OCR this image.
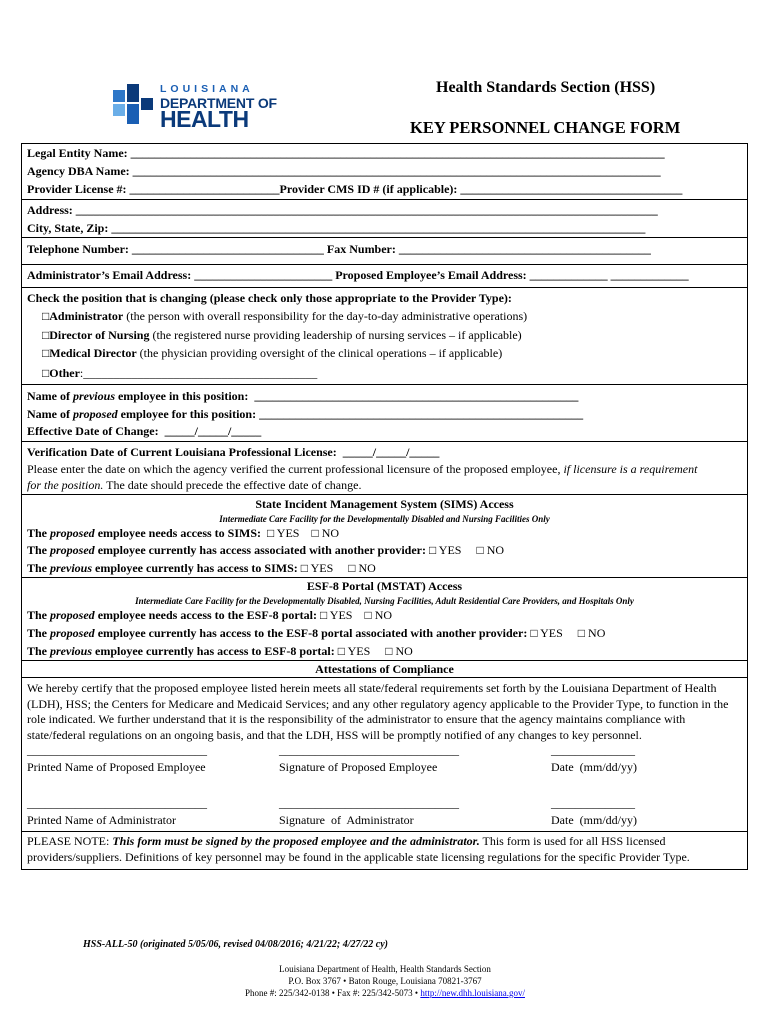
LOUISIANA
DEPARTMENT OF
HEALTH
Health Standards Section (HSS)
KEY PERSONNEL CHANGE FORM
Legal Entity Name: _________________________________________________________________________________________
Agency DBA Name: ________________________________________________________________________________________
Provider License #: _________________________Provider CMS ID # (if applicable): _____________________________________
Address: _________________________________________________________________________________________________
City, State, Zip: _________________________________________________________________________________________
Telephone Number: ________________________________ Fax Number: __________________________________________
Administrator’s Email Address: _______________________ Proposed Employee’s Email Address: _____________ _____________
Check the position that is changing (please check only those appropriate to the Provider Type):
□Administrator (the person with overall responsibility for the day-to-day administrative operations)
□Director of Nursing (the registered nurse providing leadership of nursing services – if applicable)
□Medical Director (the physician providing oversight of the clinical operations – if applicable)
□Other:_______________________________________
Name of previous employee in this position:  ______________________________________________________
Name of proposed employee for this position: ______________________________________________________
Effective Date of Change:  _____/_____/_____
Verification Date of Current Louisiana Professional License:  _____/_____/_____
Please enter the date on which the agency verified the current professional licensure of the proposed employee, if licensure is a requirement
for the position. The date should precede the effective date of change.
State Incident Management System (SIMS) Access
Intermediate Care Facility for the Developmentally Disabled and Nursing Facilities Only
The proposed employee needs access to SIMS:  □ YES    □ NO
The proposed employee currently has access associated with another provider: □ YES     □ NO
The previous employee currently has access to SIMS: □ YES     □ NO
ESF-8 Portal (MSTAT) Access
Intermediate Care Facility for the Developmentally Disabled, Nursing Facilities, Adult Residential Care Providers, and Hospitals Only
The proposed employee needs access to the ESF-8 portal: □ YES    □ NO
The proposed employee currently has access to the ESF-8 portal associated with another provider: □ YES     □ NO
The previous employee currently has access to ESF-8 portal: □ YES     □ NO
Attestations of Compliance
We hereby certify that the proposed employee listed herein meets all state/federal requirements set forth by the Louisiana Department of Health (LDH), HSS; the Centers for Medicare and Medicaid Services; and any other regulatory agency applicable to the Provider Type, to function in the role indicated. We further understand that it is the responsibility of the administrator to ensure that the agency maintains compliance with state/federal regulations on an ongoing basis, and that the LDH, HSS will be promptly notified of any changes to key personnel.
______________________________	______________________________	______________
Printed Name of Proposed Employee	Signature of Proposed Employee	Date  (mm/dd/yy)
______________________________	______________________________	______________
Printed Name of Administrator	Signature  of  Administrator	Date  (mm/dd/yy)
PLEASE NOTE: This form must be signed by the proposed employee and the administrator. This form is used for all HSS licensed providers/suppliers. Definitions of key personnel may be found in the applicable state licensing regulations for the specific Provider Type.
HSS-ALL-50 (originated 5/05/06, revised 04/08/2016; 4/21/22; 4/27/22 cy)
Louisiana Department of Health, Health Standards Section
P.O. Box 3767 • Baton Rouge, Louisiana 70821-3767
Phone #: 225/342-0138 • Fax #: 225/342-5073 • http://new.dhh.louisiana.gov/
